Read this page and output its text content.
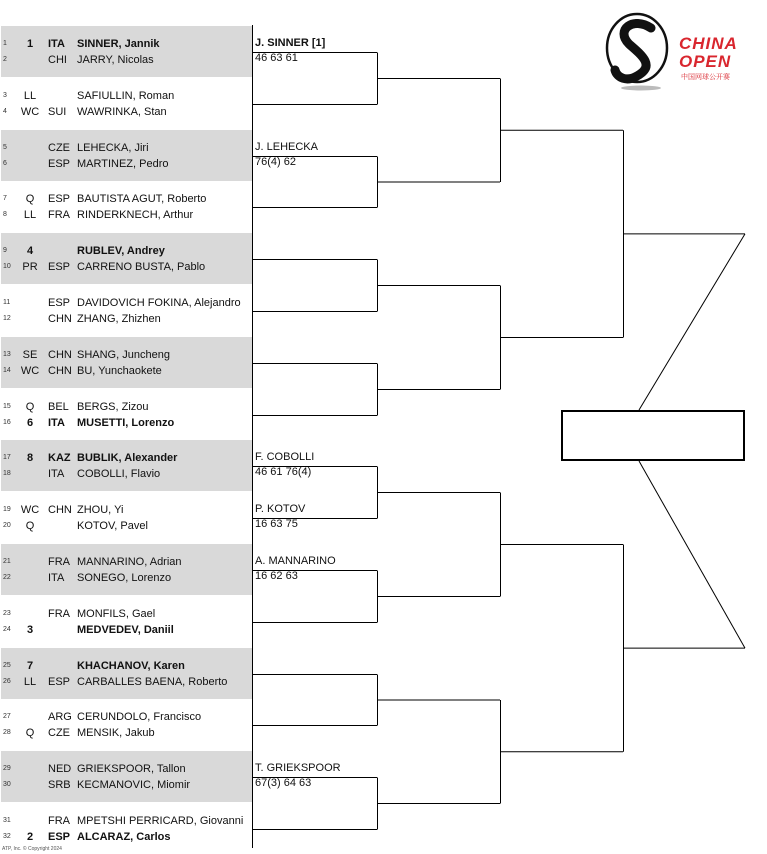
1	1	ITA	SINNER, Jannik
2	CHI JARRY, Nicolas
3	LL	SAFIULLIN, Roman
4 WC SUI WAWRINKA, Stan
5	CZE LEHECKA, Jiri
6	ESP MARTINEZ, Pedro
7	Q	ESP BAUTISTA AGUT, Roberto
8	LL	FRA RINDERKNECH, Arthur
9	4	RUBLEV, Andrey
10	PR ESP CARRENO BUSTA, Pablo
11	ESP DAVIDOVICH FOKINA, Alejandro
12	CHN ZHANG, Zhizhen
13	SE CHN SHANG, Juncheng
14 WC CHN BU, Yunchaokete
15	Q	BEL BERGS, Zizou
16	6	ITA	MUSETTI, Lorenzo
17	8	KAZ BUBLIK, Alexander
18	ITA	COBOLLI, Flavio
19 WC CHN ZHOU, Yi
20	Q	KOTOV, Pavel
21	FRA MANNARINO, Adrian
22	ITA	SONEGO, Lorenzo
23	FRA MONFILS, Gael
24	3	MEDVEDEV, Daniil
25	7	KHACHANOV, Karen
26	LL	ESP CARBALLES BAENA, Roberto
27	ARG CERUNDOLO, Francisco
28	Q	CZE MENSIK, Jakub
29	NED GRIEKSPOOR, Tallon
30	SRB KECMANOVIC, Miomir
31	FRA MPETSHI PERRICARD, Giovanni
32	2	ESP ALCARAZ, Carlos
J. SINNER [1]
46 63 61
J. LEHECKA
76(4) 62
F. COBOLLI
46 61 76(4)
P. KOTOV
16 63 75
A. MANNARINO
16 62 63
T. GRIEKSPOOR
67(3) 64 63
CHINA
OPEN
中国网球公开赛
ATP, Inc. © Copyright 2024
